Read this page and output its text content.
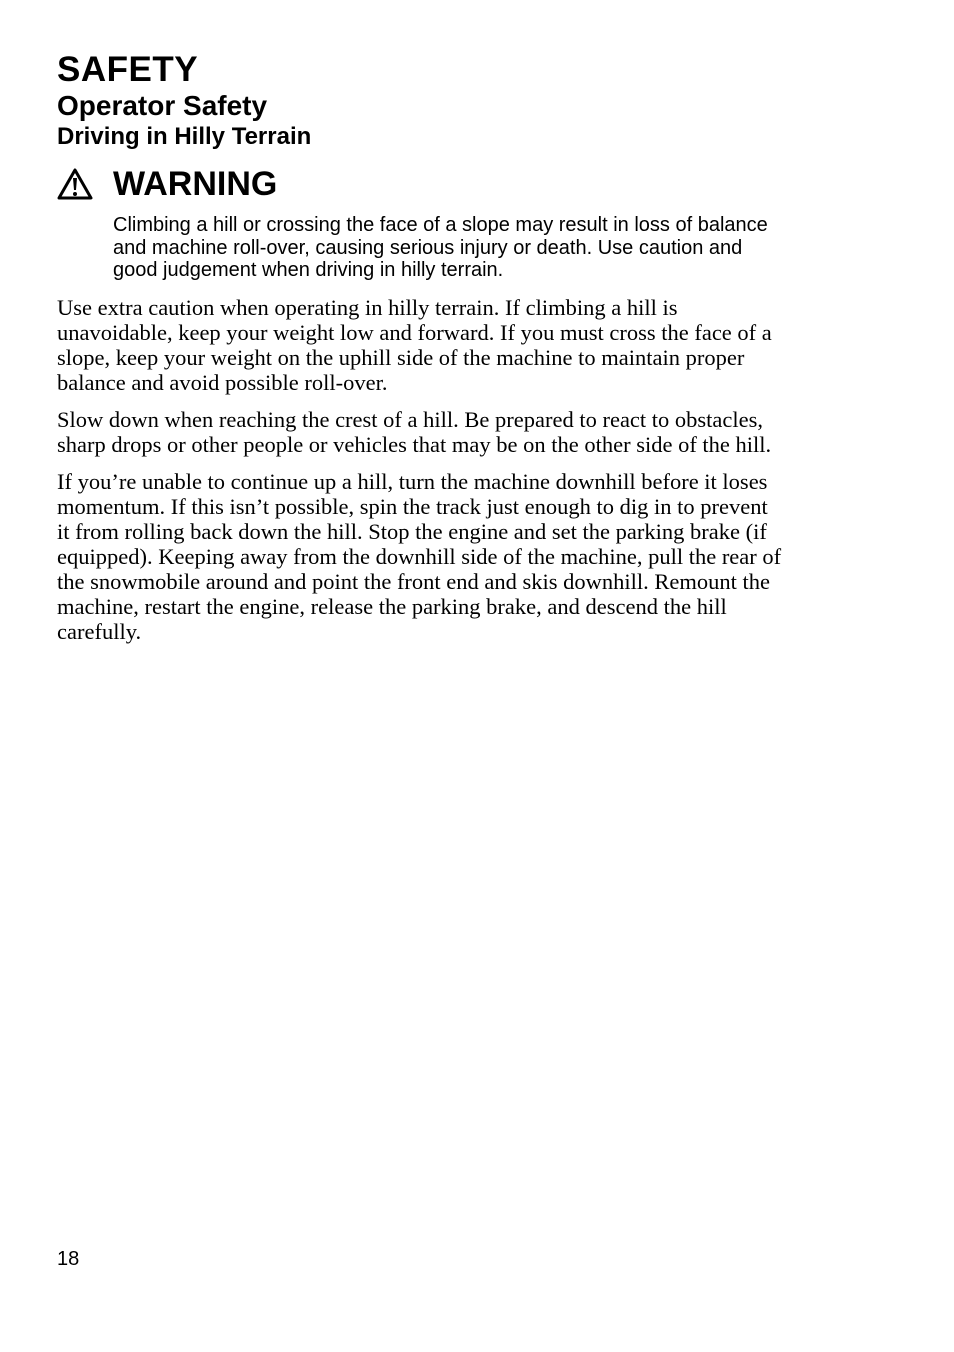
SAFETY
Operator Safety
Driving in Hilly Terrain
WARNING

Climbing a hill or crossing the face of a slope may result in loss of balance and machine roll-over, causing serious injury or death. Use caution and good judgement when driving in hilly terrain.

Use extra caution when operating in hilly terrain. If climbing a hill is unavoidable, keep your weight low and forward. If you must cross the face of a slope, keep your weight on the uphill side of the machine to maintain proper balance and avoid possible roll-over.

Slow down when reaching the crest of a hill. Be prepared to react to obstacles, sharp drops or other people or vehicles that may be on the other side of the hill.

If you’re unable to continue up a hill, turn the machine downhill before it loses momentum. If this isn’t possible, spin the track just enough to dig in to prevent it from rolling back down the hill. Stop the engine and set the parking brake (if equipped). Keeping away from the downhill side of the machine, pull the rear of the snowmobile around and point the front end and skis downhill. Remount the machine, restart the engine, release the parking brake, and descend the hill carefully.

18
